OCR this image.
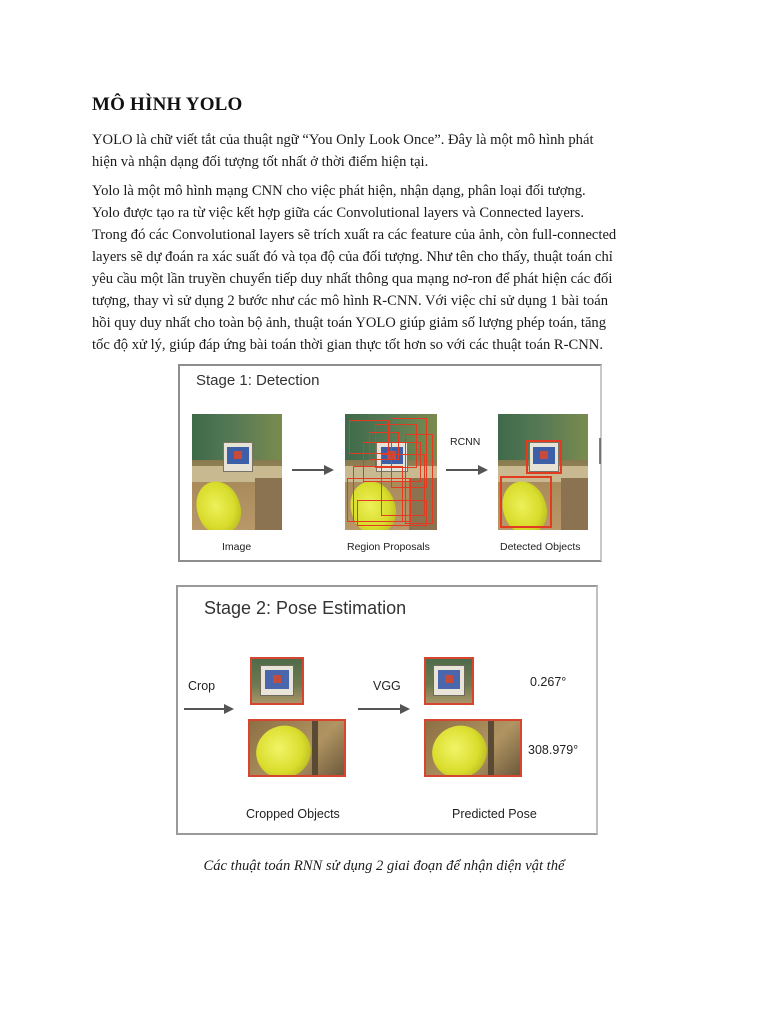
MÔ HÌNH YOLO

YOLO là chữ viết tắt của thuật ngữ “You Only Look Once”. Đây là một mô hình phát
hiện và nhận dạng đối tượng tốt nhất ở thời điểm hiện tại.

Yolo là một mô hình mạng CNN cho việc phát hiện, nhận dạng, phân loại đối tượng.
Yolo được tạo ra từ việc kết hợp giữa các Convolutional layers và Connected layers.
Trong đó các Convolutional layers sẽ trích xuất ra các feature của ảnh, còn full-connected
layers sẽ dự đoán ra xác suất đó và tọa độ của đối tượng. Như tên cho thấy, thuật toán chỉ
yêu cầu một lần truyền chuyển tiếp duy nhất thông qua mạng nơ-ron để phát hiện các đối
tượng, thay vì sử dụng 2 bước như các mô hình R-CNN. Với việc chỉ sử dụng 1 bài toán
hồi quy duy nhất cho toàn bộ ảnh, thuật toán YOLO giúp giảm số lượng phép toán, tăng
tốc độ xử lý, giúp đáp ứng bài toán thời gian thực tốt hơn so với các thuật toán R-CNN.

Stage 1: Detection
RCNN
Image	Region Proposals	Detected Objects
Stage 2: Pose Estimation
Crop	VGG	0.267°
308.979°
Cropped Objects	Predicted Pose
Các thuật toán RNN sử dụng 2 giai đoạn để nhận diện vật thể
